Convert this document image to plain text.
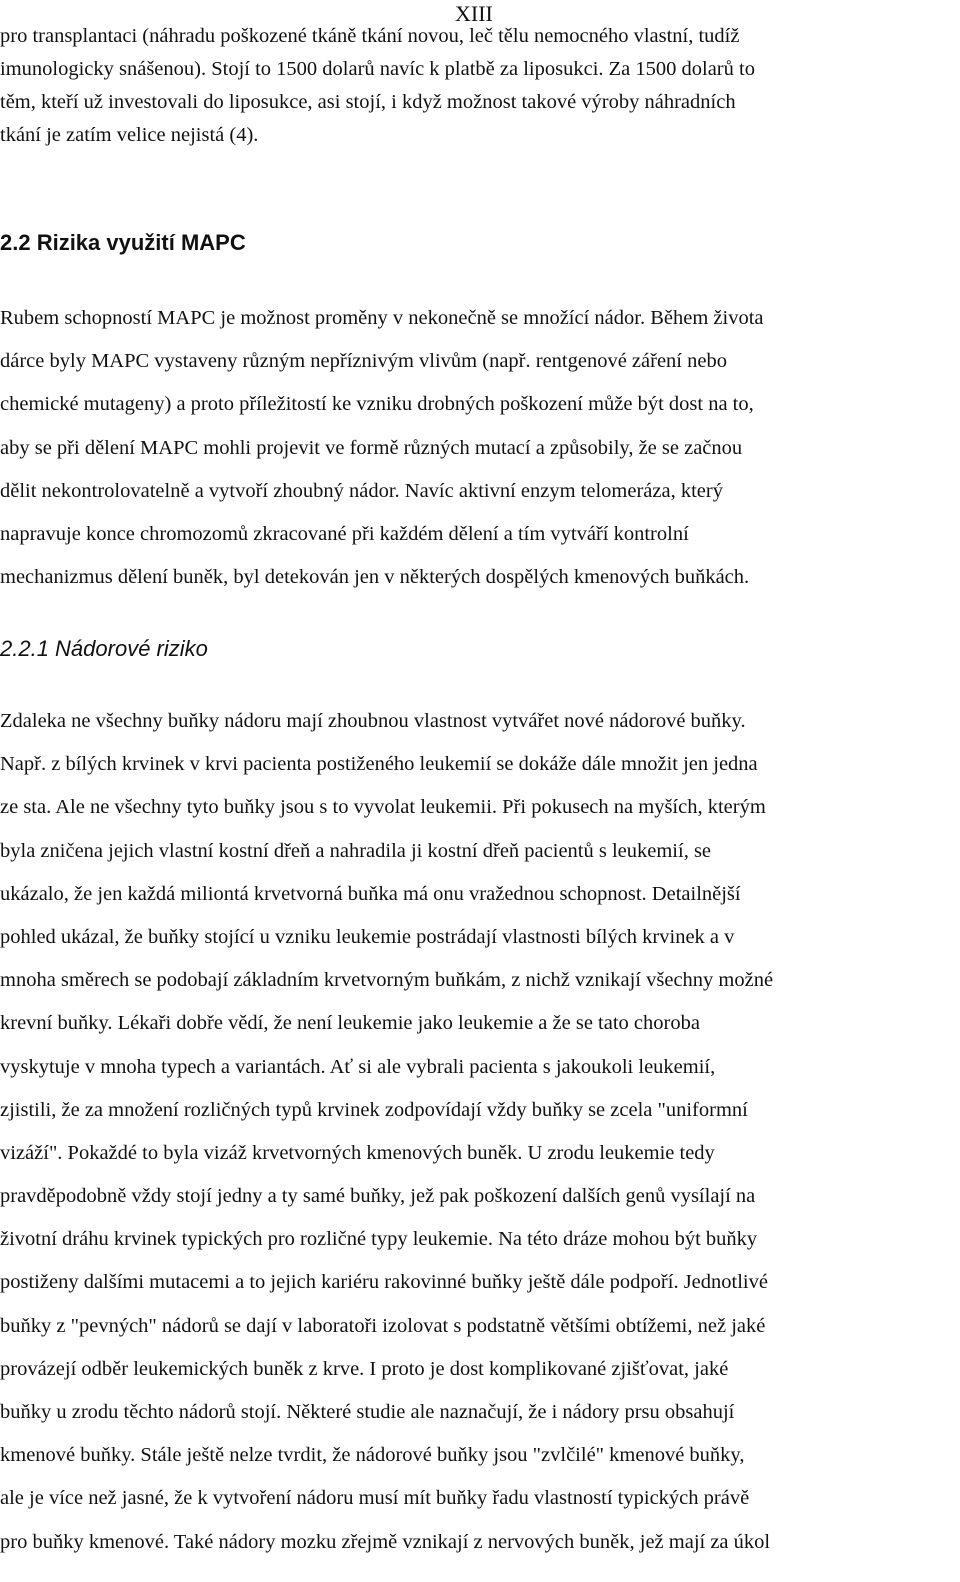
XIII
pro transplantaci (náhradu poškozené tkáně tkání novou, leč tělu nemocného vlastní, tudíž
imunologicky snášenou). Stojí to 1500 dolarů navíc k platbě za liposukci. Za 1500 dolarů to
těm, kteří už investovali do liposukce, asi stojí, i když možnost takové výroby náhradních
tkání je zatím velice nejistá (4).
2.2 Rizika využití MAPC
Rubem schopností MAPC je možnost proměny v nekonečně se množící nádor. Během života
dárce byly MAPC vystaveny různým nepříznivým vlivům (např. rentgenové záření nebo
chemické mutageny) a proto příležitostí ke vzniku drobných poškození může být dost na to,
aby se při dělení MAPC mohli projevit ve formě různých mutací a způsobily, že se začnou
dělit nekontrolovatelně a vytvoří zhoubný nádor. Navíc aktivní enzym telomeráza, který
napravuje konce chromozomů zkracované při každém dělení a tím vytváří kontrolní
mechanizmus dělení buněk, byl detekován jen v některých dospělých kmenových buňkách.
2.2.1 Nádorové riziko
Zdaleka ne všechny buňky nádoru mají zhoubnou vlastnost vytvářet nové nádorové buňky.
Např. z bílých krvinek v krvi pacienta postiženého leukemií se dokáže dále množit jen jedna
ze sta. Ale ne všechny tyto buňky jsou s to vyvolat leukemii. Při pokusech na myších, kterým
byla zničena jejich vlastní kostní dřeň a nahradila ji kostní dřeň pacientů s leukemií, se
ukázalo, že jen každá miliontá krvetvorná buňka má onu vražednou schopnost. Detailnější
pohled ukázal, že buňky stojící u vzniku leukemie postrádají vlastnosti bílých krvinek a v
mnoha směrech se podobají základním krvetvorným buňkám, z nichž vznikají všechny možné
krevní buňky. Lékaři dobře vědí, že není leukemie jako leukemie a že se tato choroba
vyskytuje v mnoha typech a variantách. Ať si ale vybrali pacienta s jakoukoli leukemií,
zjistili, že za množení rozličných typů krvinek zodpovídají vždy buňky se zcela "uniformní
vizáží". Pokaždé to byla vizáž krvetvorných kmenových buněk. U zrodu leukemie tedy
pravděpodobně vždy stojí jedny a ty samé buňky, jež pak poškození dalších genů vysílají na
životní dráhu krvinek typických pro rozličné typy leukemie. Na této dráze mohou být buňky
postiženy dalšími mutacemi a to jejich kariéru rakovinné buňky ještě dále podpoří. Jednotlivé
buňky z "pevných" nádorů se dají v laboratoři izolovat s podstatně většími obtížemi, než jaké
provázejí odběr leukemických buněk z krve. I proto je dost komplikované zjišťovat, jaké
buňky u zrodu těchto nádorů stojí. Některé studie ale naznačují, že i nádory prsu obsahují
kmenové buňky. Stále ještě nelze tvrdit, že nádorové buňky jsou "zvlčilé" kmenové buňky,
ale je více než jasné, že k vytvoření nádoru musí mít buňky řadu vlastností typických právě
pro buňky kmenové. Také nádory mozku zřejmě vznikají z nervových buněk, jež mají za úkol
